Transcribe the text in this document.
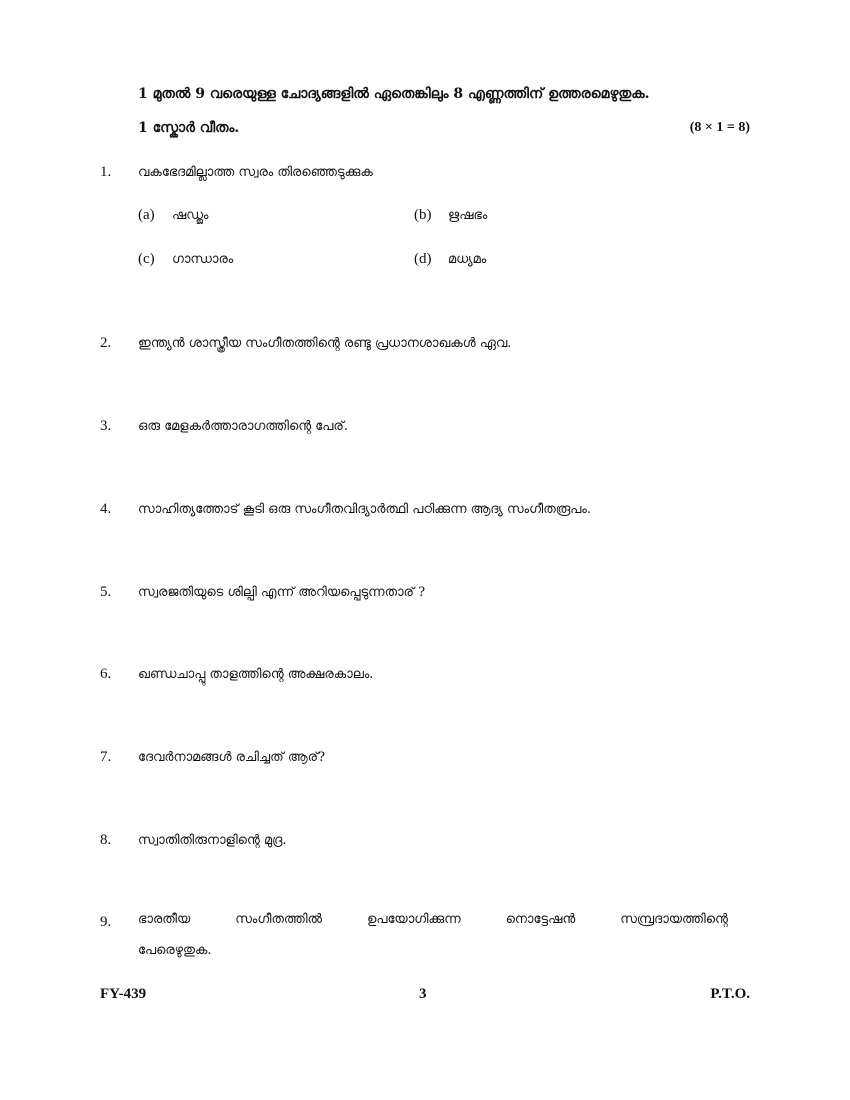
1 മുതൽ 9 വരെയുള്ള ചോദ്യങ്ങളിൽ ഏതെങ്കിലും 8 എണ്ണത്തിന് ഉത്തരമെഴുതുക.
1 സ്കോർ വീതം.	(8 × 1 = 8)
1. വകഭേദമില്ലാത്ത സ്വരം തിരഞ്ഞെടുക്കുക
(a) ഷഡ്ജം	(b) ഋഷഭം
(c) ഗാന്ധാരം	(d) മധ്യമം
2. ഇന്ത്യൻ ശാസ്ത്രീയ സംഗീതത്തിന്റെ രണ്ടു പ്രധാനശാഖകൾ ഏവ.
3. ഒരു മേളകർത്താരാഗത്തിന്റെ പേര്.
4. സാഹിത്യത്തോട് കൂടി ഒരു സംഗീതവിദ്യാർത്ഥി പഠിക്കുന്ന ആദ്യ സംഗീതരൂപം.
5. സ്വരജതിയുടെ ശില്പി എന്ന് അറിയപ്പെടുന്നതാര് ?
6. ഖണ്ഡചാപ്പു താളത്തിന്റെ അക്ഷരകാലം.
7. ദേവർനാമങ്ങൾ രചിച്ചത് ആര്?
8. സ്വാതിതിരുനാളിന്റെ മുദ്ര.
9. ഭാരതീയ	സംഗീതത്തിൽ	ഉപയോഗിക്കുന്ന	നൊട്ടേഷൻ	സമ്പ്രദായത്തിന്റെ
പേരെഴുതുക.
FY-439	3	P.T.O.
